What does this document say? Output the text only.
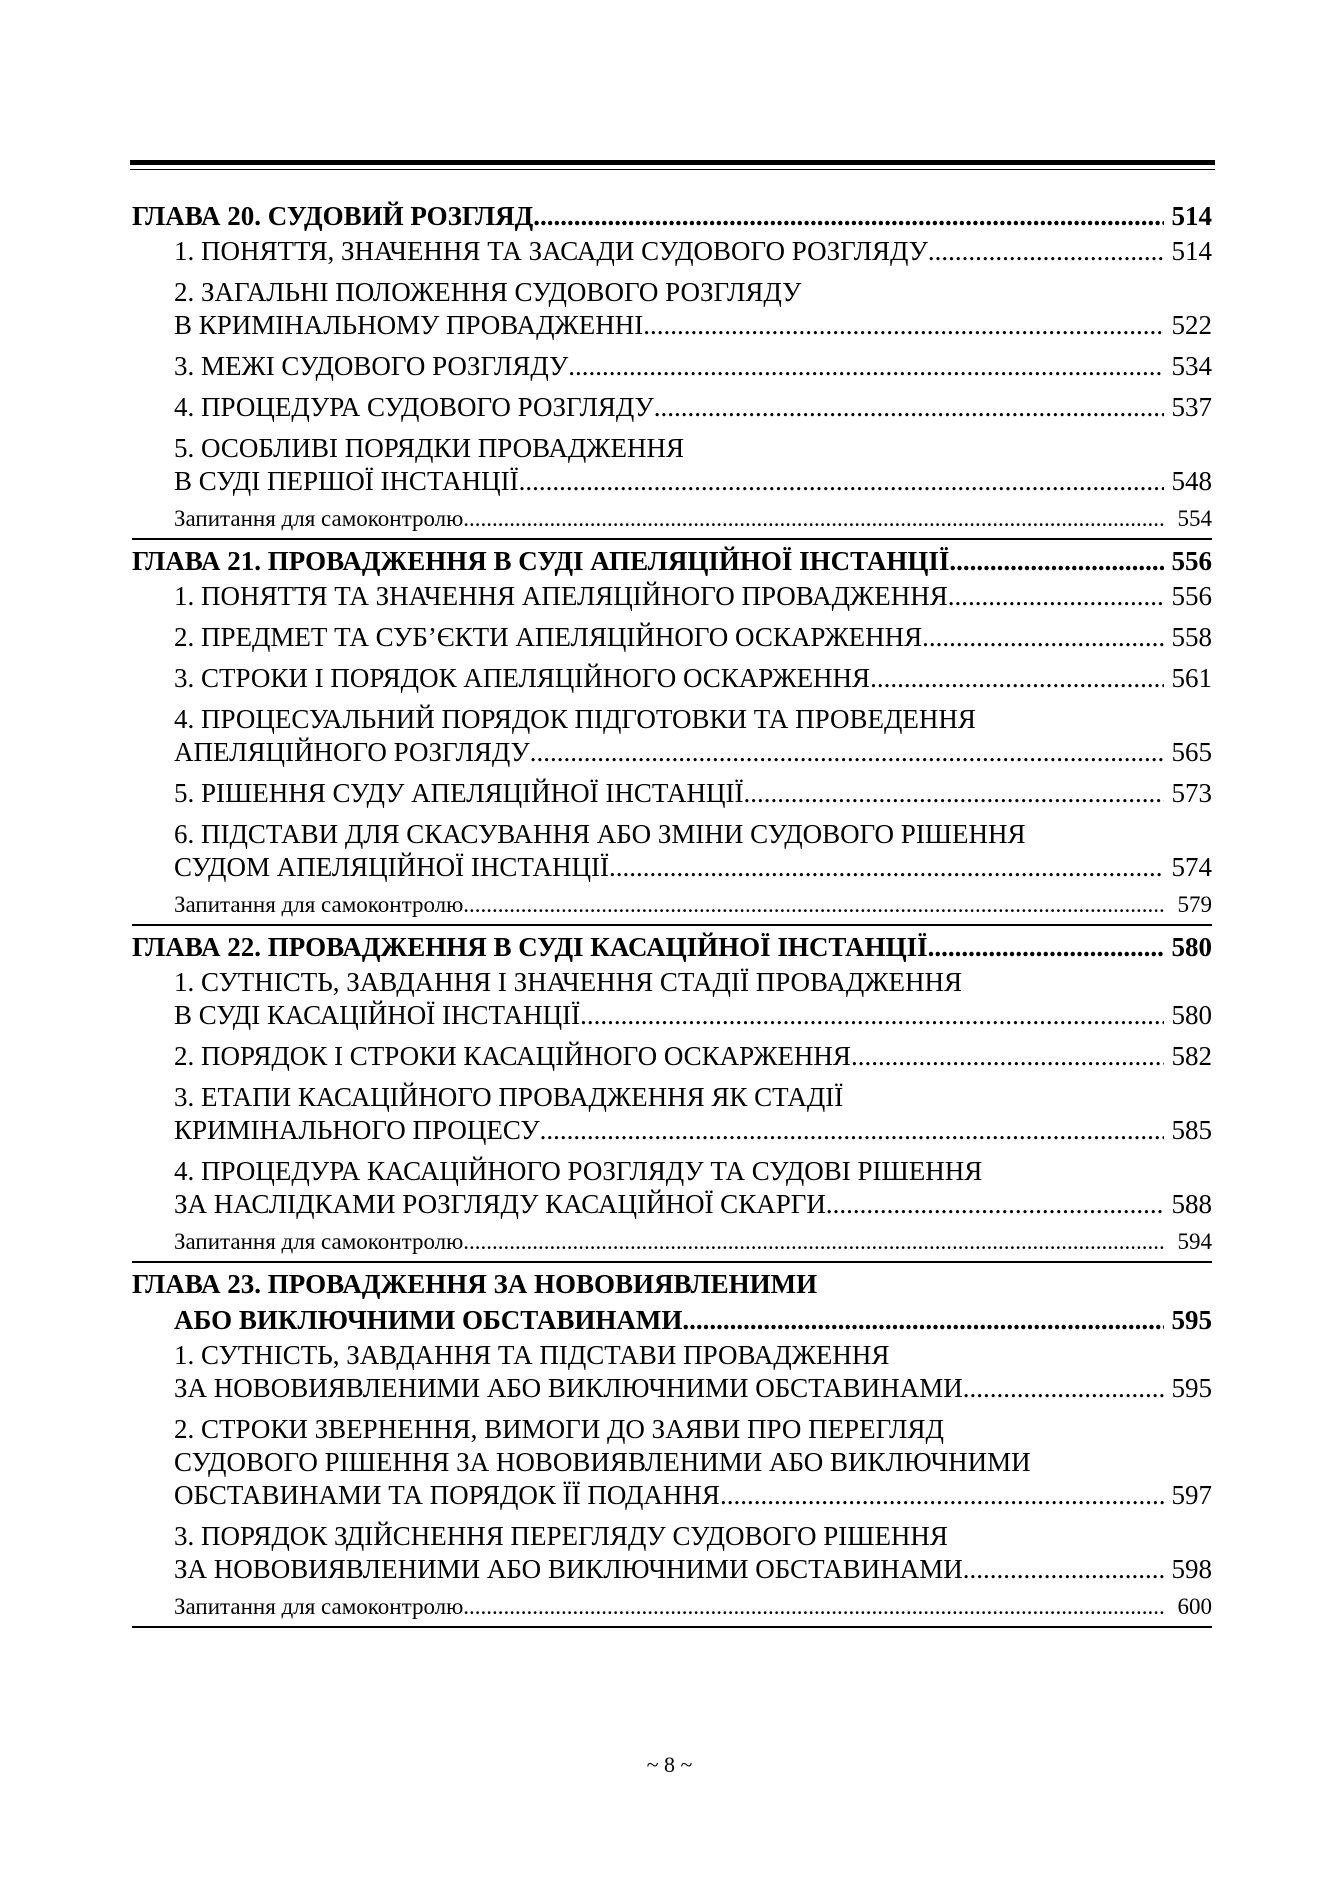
ГЛАВА 20. СУДОВИЙ РОЗГЛЯД .....	514
1. ПОНЯТТЯ, ЗНАЧЕННЯ ТА ЗАСАДИ СУДОВОГО РОЗГЛЯДУ .....	514
2. ЗАГАЛЬНІ ПОЛОЖЕННЯ СУДОВОГО РОЗГЛЯДУ
В КРИМІНАЛЬНОМУ ПРОВАДЖЕННІ .....	522
3. МЕЖІ СУДОВОГО РОЗГЛЯДУ .....	534
4. ПРОЦЕДУРА СУДОВОГО РОЗГЛЯДУ .....	537
5. ОСОБЛИВІ ПОРЯДКИ ПРОВАДЖЕННЯ
В СУДІ ПЕРШОЇ ІНСТАНЦІЇ .....	548
Запитання для самоконтролю .....	554
ГЛАВА 21. ПРОВАДЖЕННЯ В СУДІ АПЕЛЯЦІЙНОЇ ІНСТАНЦІЇ .....	556
1. ПОНЯТТЯ ТА ЗНАЧЕННЯ АПЕЛЯЦІЙНОГО ПРОВАДЖЕННЯ .....	556
2. ПРЕДМЕТ ТА СУБ’ЄКТИ АПЕЛЯЦІЙНОГО ОСКАРЖЕННЯ .....	558
3. СТРОКИ І ПОРЯДОК АПЕЛЯЦІЙНОГО ОСКАРЖЕННЯ .....	561
4. ПРОЦЕСУАЛЬНИЙ ПОРЯДОК ПІДГОТОВКИ ТА ПРОВЕДЕННЯ
АПЕЛЯЦІЙНОГО РОЗГЛЯДУ .....	565
5. РІШЕННЯ СУДУ АПЕЛЯЦІЙНОЇ ІНСТАНЦІЇ .....	573
6. ПІДСТАВИ ДЛЯ СКАСУВАННЯ АБО ЗМІНИ СУДОВОГО РІШЕННЯ
СУДОМ АПЕЛЯЦІЙНОЇ ІНСТАНЦІЇ .....	574
Запитання для самоконтролю .....	579
ГЛАВА 22. ПРОВАДЖЕННЯ В СУДІ КАСАЦІЙНОЇ ІНСТАНЦІЇ .....	580
1. СУТНІСТЬ, ЗАВДАННЯ І ЗНАЧЕННЯ СТАДІЇ ПРОВАДЖЕННЯ
В СУДІ КАСАЦІЙНОЇ ІНСТАНЦІЇ .....	580
2. ПОРЯДОК І СТРОКИ КАСАЦІЙНОГО ОСКАРЖЕННЯ .....	582
3. ЕТАПИ КАСАЦІЙНОГО ПРОВАДЖЕННЯ ЯК СТАДІЇ
КРИМІНАЛЬНОГО ПРОЦЕСУ .....	585
4. ПРОЦЕДУРА КАСАЦІЙНОГО РОЗГЛЯДУ ТА СУДОВІ РІШЕННЯ
ЗА НАСЛІДКАМИ РОЗГЛЯДУ КАСАЦІЙНОЇ СКАРГИ .....	588
Запитання для самоконтролю .....	594
ГЛАВА 23. ПРОВАДЖЕННЯ ЗА НОВОВИЯВЛЕНИМИ
АБО ВИКЛЮЧНИМИ ОБСТАВИНАМИ .....	595
1. СУТНІСТЬ, ЗАВДАННЯ ТА ПІДСТАВИ ПРОВАДЖЕННЯ
ЗА НОВОВИЯВЛЕНИМИ АБО ВИКЛЮЧНИМИ ОБСТАВИНАМИ .....	595
2. СТРОКИ ЗВЕРНЕННЯ, ВИМОГИ ДО ЗАЯВИ ПРО ПЕРЕГЛЯД
СУДОВОГО РІШЕННЯ ЗА НОВОВИЯВЛЕНИМИ АБО ВИКЛЮЧНИМИ
ОБСТАВИНАМИ ТА ПОРЯДОК ЇЇ ПОДАННЯ .....	597
3. ПОРЯДОК ЗДІЙСНЕННЯ ПЕРЕГЛЯДУ СУДОВОГО РІШЕННЯ
ЗА НОВОВИЯВЛЕНИМИ АБО ВИКЛЮЧНИМИ ОБСТАВИНАМИ .....	598
Запитання для самоконтролю .....	600
~ 8 ~
